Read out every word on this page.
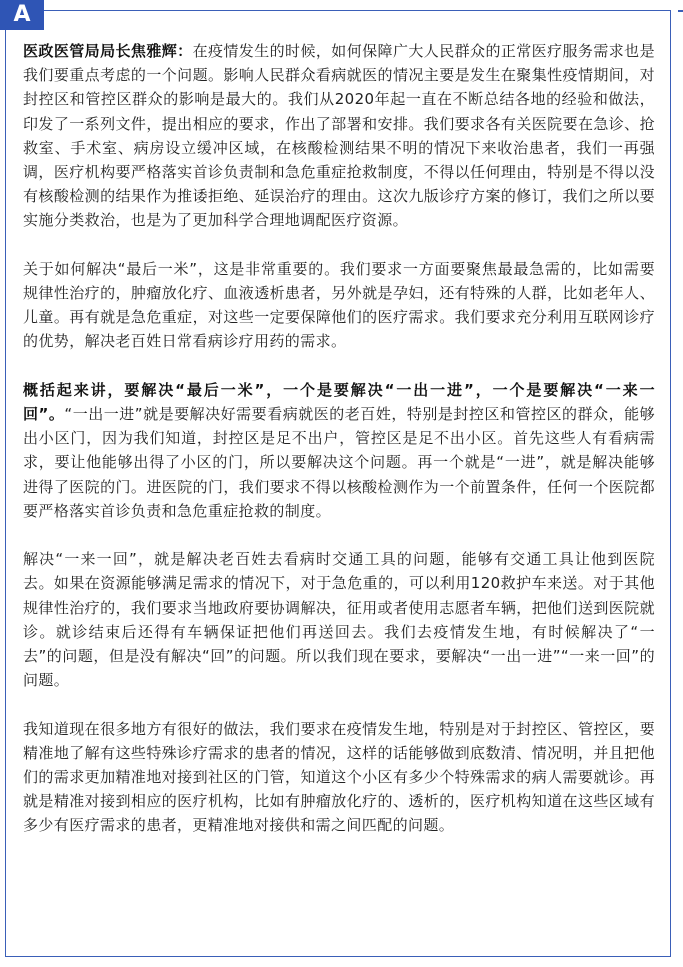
A

医政医管局局长焦雅辉：在疫情发生的时候，如何保障广大人民群众的正常医疗服务需求也是我们要重点考虑的一个问题。影响人民群众看病就医的情况主要是发生在聚集性疫情期间，对封控区和管控区群众的影响是最大的。我们从2020年起一直在不断总结各地的经验和做法，印发了一系列文件，提出相应的要求，作出了部署和安排。我们要求各有关医院要在急诊、抢救室、手术室、病房设立缓冲区域，在核酸检测结果不明的情况下来收治患者，我们一再强调，医疗机构要严格落实首诊负责制和急危重症抢救制度，不得以任何理由，特别是不得以没有核酸检测的结果作为推诿拒绝、延误治疗的理由。这次九版诊疗方案的修订，我们之所以要实施分类救治，也是为了更加科学合理地调配医疗资源。

关于如何解决“最后一米”，这是非常重要的。我们要求一方面要聚焦最最急需的，比如需要规律性治疗的，肿瘤放化疗、血液透析患者，另外就是孕妇，还有特殊的人群，比如老年人、儿童。再有就是急危重症，对这些一定要保障他们的医疗需求。我们要求充分利用互联网诊疗的优势，解决老百姓日常看病诊疗用药的需求。

概括起来讲，要解决“最后一米”，一个是要解决“一出一进”，一个是要解决“一来一回”。“一出一进”就是要解决好需要看病就医的老百姓，特别是封控区和管控区的群众，能够出小区门，因为我们知道，封控区是足不出户，管控区是足不出小区。首先这些人有看病需求，要让他能够出得了小区的门，所以要解决这个问题。再一个就是“一进”，就是解决能够进得了医院的门。进医院的门，我们要求不得以核酸检测作为一个前置条件，任何一个医院都要严格落实首诊负责和急危重症抢救的制度。

解决“一来一回”，就是解决老百姓去看病时交通工具的问题，能够有交通工具让他到医院去。如果在资源能够满足需求的情况下，对于急危重的，可以利用120救护车来送。对于其他规律性治疗的，我们要求当地政府要协调解决，征用或者使用志愿者车辆，把他们送到医院就诊。就诊结束后还得有车辆保证把他们再送回去。我们去疫情发生地，有时候解决了“一去”的问题，但是没有解决“回”的问题。所以我们现在要求，要解决“一出一进”“一来一回”的问题。

我知道现在很多地方有很好的做法，我们要求在疫情发生地，特别是对于封控区、管控区，要精准地了解有这些特殊诊疗需求的患者的情况，这样的话能够做到底数清、情况明，并且把他们的需求更加精准地对接到社区的门管，知道这个小区有多少个特殊需求的病人需要就诊。再就是精准对接到相应的医疗机构，比如有肿瘤放化疗的、透析的，医疗机构知道在这些区域有多少有医疗需求的患者，更精准地对接供和需之间匹配的问题。
